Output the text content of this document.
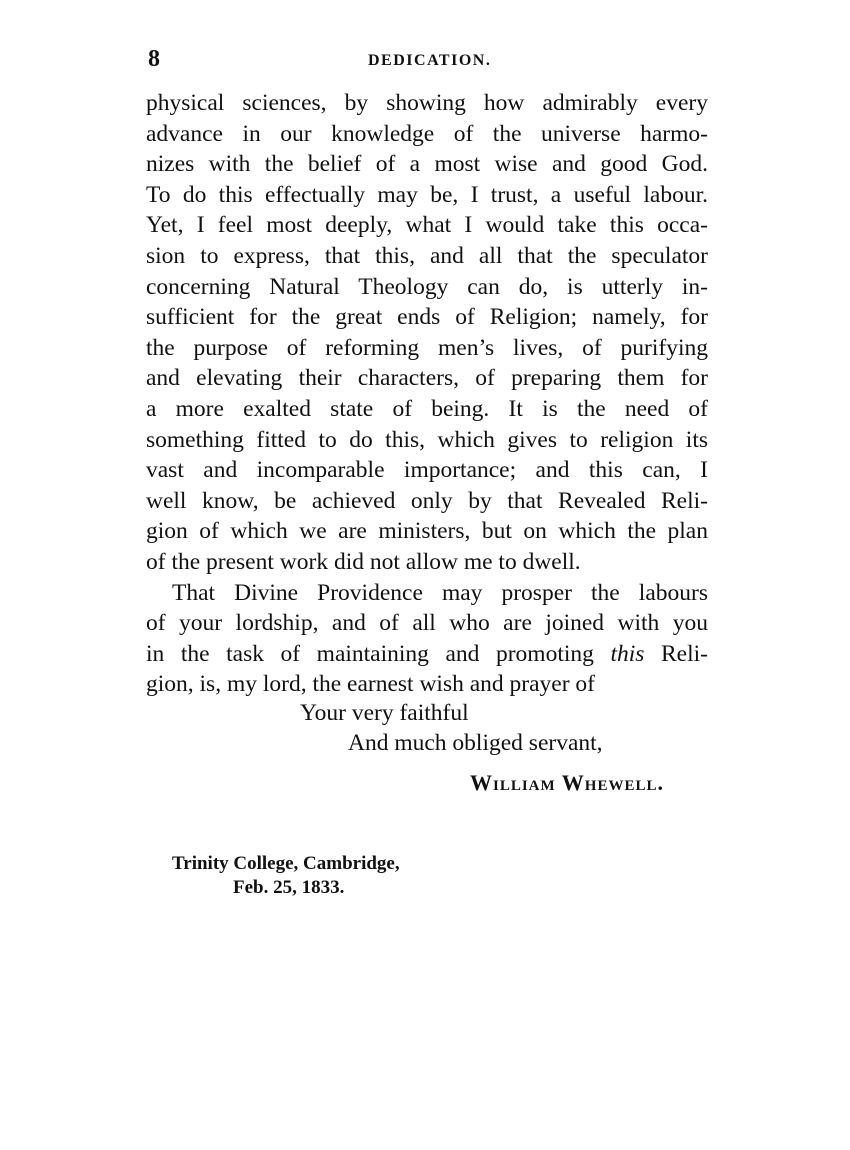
8	DEDICATION.
physical sciences, by showing how admirably every
advance in our knowledge of the universe harmo-
nizes with the belief of a most wise and good God.
To do this effectually may be, I trust, a useful labour.
Yet, I feel most deeply, what I would take this occa-
sion to express, that this, and all that the speculator
concerning Natural Theology can do, is utterly in-
sufficient for the great ends of Religion; namely, for
the purpose of reforming men’s lives, of purifying
and elevating their characters, of preparing them for
a more exalted state of being. It is the need of
something fitted to do this, which gives to religion its
vast and incomparable importance; and this can, I
well know, be achieved only by that Revealed Reli-
gion of which we are ministers, but on which the plan
of the present work did not allow me to dwell.
That Divine Providence may prosper the labours
of your lordship, and of all who are joined with you
in the task of maintaining and promoting this Reli-
gion, is, my lord, the earnest wish and prayer of
Your very faithful
And much obliged servant,
William Whewell.
Trinity College, Cambridge,
Feb. 25, 1833.
